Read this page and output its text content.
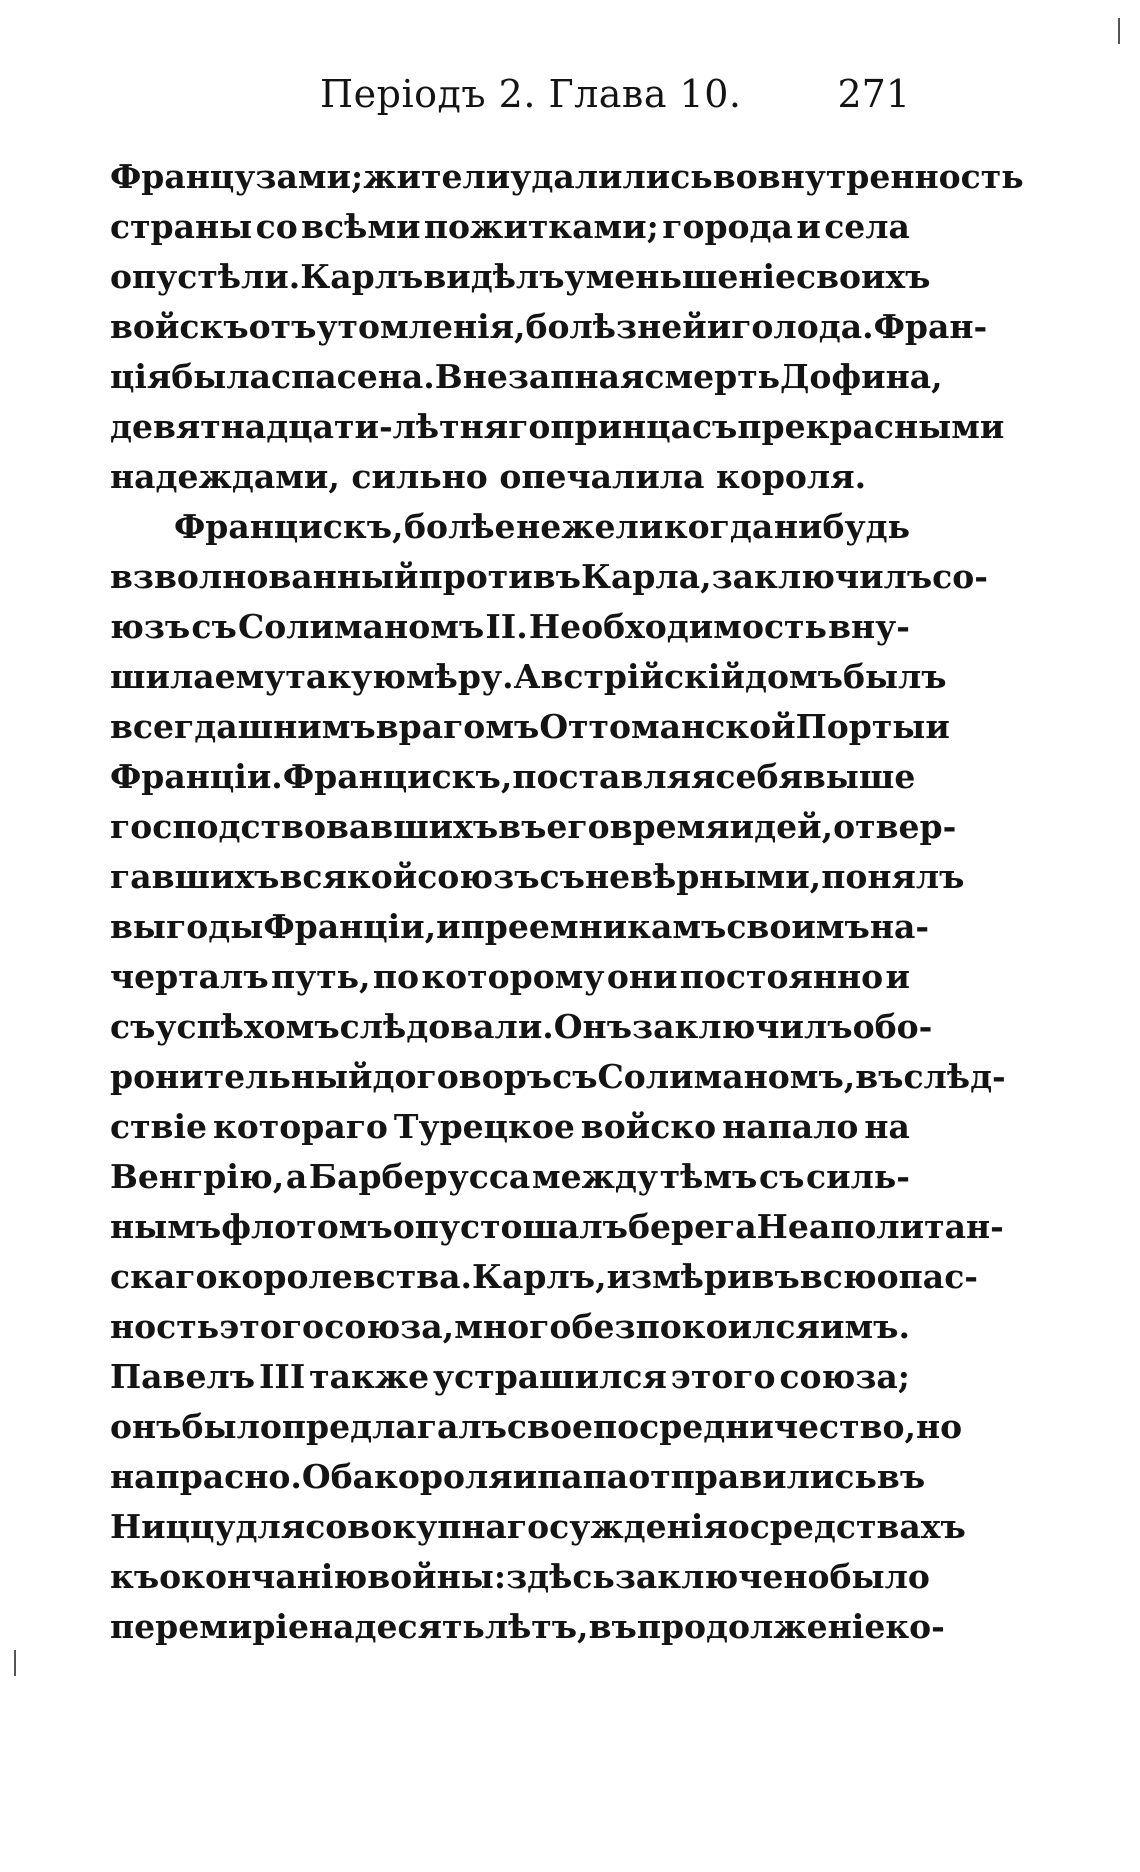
Періодъ 2. Глава 10.	271
Французами; жители удалились во внутренность
страны со всѣми пожитками; города и села
опустѣли. Карлъ видѣлъ уменьшеніе своихъ
войскъ отъ утомленія, болѣзней и голода. Фран-
ція была спасена. Внезапная смерть Дофина,
девятнадцати-лѣтняго принца съ прекрасными
надеждами, сильно опечалила короля.
Францискъ, болѣе нежели когда нибудь
взволнованный противъ Карла, заключилъ со-
юзъ съ Солиманомъ II. Необходимость вну-
шила ему такую мѣру. Австрійскій домъ былъ
всегдашнимъ врагомъ Оттоманской Порты и
Франціи. Францискъ, поставляя себя выше
господствовавшихъ въ его время идей, отвер-
гавшихъ всякой союзъ съ невѣрными, понялъ
выгоды Франціи, и преемникамъ своимъ на-
черталъ путь, по которому они постоянно и
съ успѣхомъ слѣдовали. Онъ заключилъ обо-
ронительный договоръ съ Солиманомъ, въ слѣд-
ствіе котораго Турецкое войско напало на
Венгрію, а Барберусса между тѣмъ съ силь-
нымъ флотомъ опустошалъ берега Неаполитан-
скаго королевства. Карлъ, измѣривъ всю опас-
ность этого союза, много безпокоился имъ.
Павелъ III также устрашился этого союза;
онъ было предлагалъ свое посредничество, но
напрасно. Оба короля и папа отправились въ
Ниццу для совокупнаго сужденія о средствахъ
къ окончанію войны: здѣсь заключено было
перемиріе на десять лѣтъ, въ продолженіе ко-
